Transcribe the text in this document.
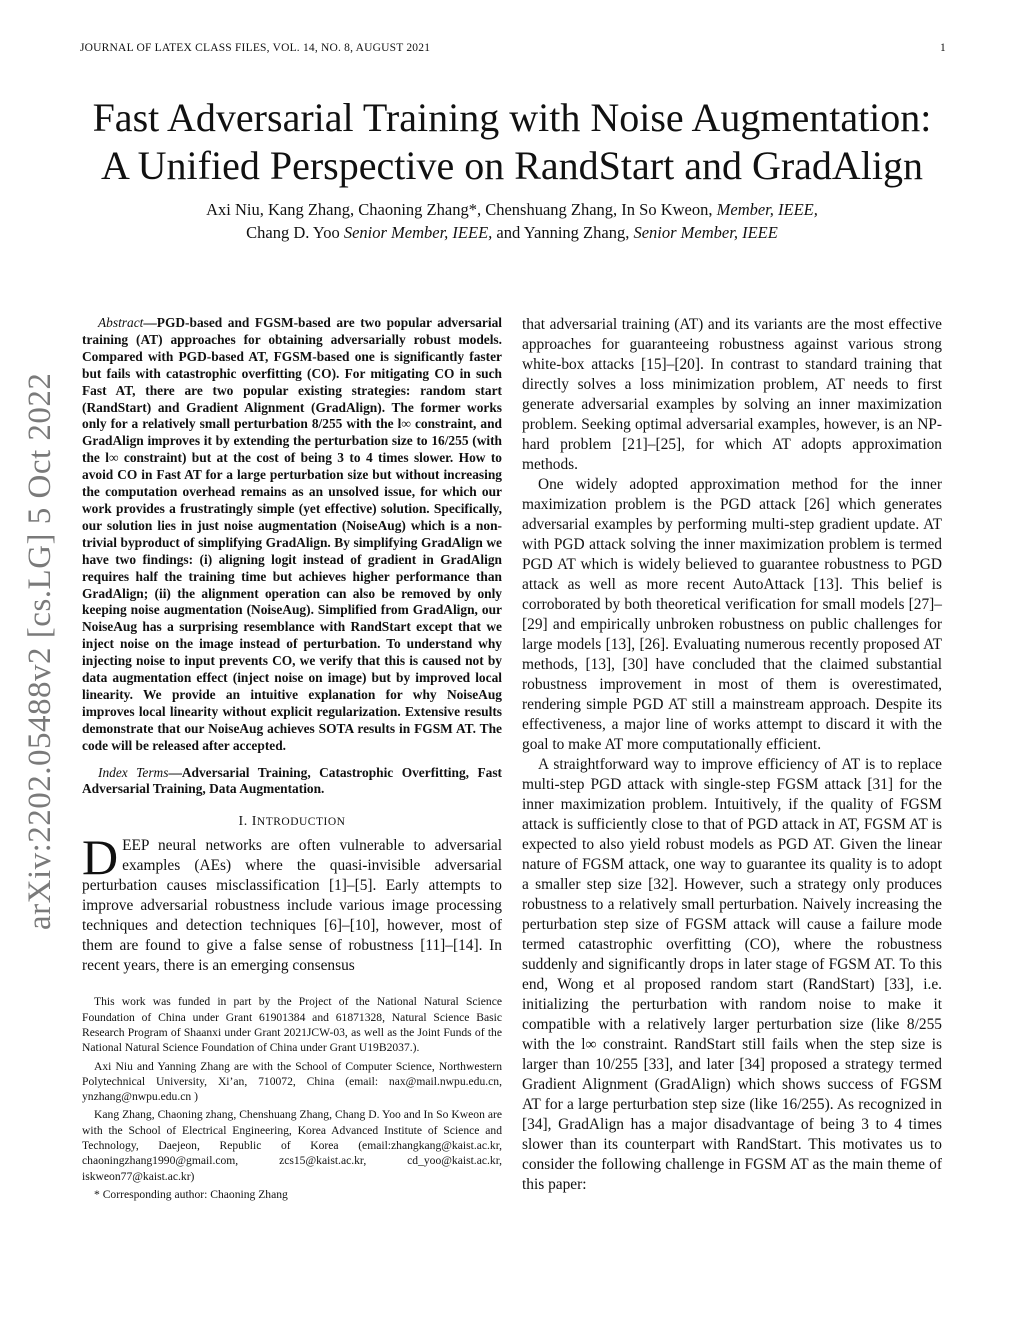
JOURNAL OF LATEX CLASS FILES, VOL. 14, NO. 8, AUGUST 2021	1
arXiv:2202.05488v2 [cs.LG] 5 Oct 2022
Fast Adversarial Training with Noise Augmentation:
A Unified Perspective on RandStart and GradAlign
Axi Niu, Kang Zhang, Chaoning Zhang*, Chenshuang Zhang, In So Kweon, Member, IEEE,
Chang D. Yoo Senior Member, IEEE, and Yanning Zhang, Senior Member, IEEE

Abstract—PGD-based and FGSM-based are two popular adversarial training (AT) approaches for obtaining adversarially robust models. Compared with PGD-based AT, FGSM-based one is significantly faster but fails with catastrophic overfitting (CO). For mitigating CO in such Fast AT, there are two popular existing strategies: random start (RandStart) and Gradient Alignment (GradAlign). The former works only for a relatively small perturbation 8/255 with the l∞ constraint, and GradAlign improves it by extending the perturbation size to 16/255 (with the l∞ constraint) but at the cost of being 3 to 4 times slower. How to avoid CO in Fast AT for a large perturbation size but without increasing the computation overhead remains as an unsolved issue, for which our work provides a frustratingly simple (yet effective) solution. Specifically, our solution lies in just noise augmentation (NoiseAug) which is a non-trivial byproduct of simplifying GradAlign. By simplifying GradAlign we have two findings: (i) aligning logit instead of gradient in GradAlign requires half the training time but achieves higher performance than GradAlign; (ii) the alignment operation can also be removed by only keeping noise augmentation (NoiseAug). Simplified from GradAlign, our NoiseAug has a surprising resemblance with RandStart except that we inject noise on the image instead of perturbation. To understand why injecting noise to input prevents CO, we verify that this is caused not by data augmentation effect (inject noise on image) but by improved local linearity. We provide an intuitive explanation for why NoiseAug improves local linearity without explicit regularization. Extensive results demonstrate that our NoiseAug achieves SOTA results in FGSM AT. The code will be released after accepted.

Index Terms—Adversarial Training, Catastrophic Overfitting, Fast Adversarial Training, Data Augmentation.

I. INTRODUCTION

DEEP neural networks are often vulnerable to adversarial examples (AEs) where the quasi-invisible adversarial perturbation causes misclassification [1]–[5]. Early attempts to improve adversarial robustness include various image processing techniques and detection techniques [6]–[10], however, most of them are found to give a false sense of robustness [11]–[14]. In recent years, there is an emerging consensus

This work was funded in part by the Project of the National Natural Science Foundation of China under Grant 61901384 and 61871328, Natural Science Basic Research Program of Shaanxi under Grant 2021JCW-03, as well as the Joint Funds of the National Natural Science Foundation of China under Grant U19B2037.).

Axi Niu and Yanning Zhang are with the School of Computer Science, Northwestern Polytechnical University, Xi’an, 710072, China (email: nax@mail.nwpu.edu.cn, ynzhang@nwpu.edu.cn )

Kang Zhang, Chaoning zhang, Chenshuang Zhang, Chang D. Yoo and In So Kweon are with the School of Electrical Engineering, Korea Advanced Institute of Science and Technology, Daejeon, Republic of Korea (email:zhangkang@kaist.ac.kr, chaoningzhang1990@gmail.com, zcs15@kaist.ac.kr, cd_yoo@kaist.ac.kr, iskweon77@kaist.ac.kr)

* Corresponding author: Chaoning Zhang

that adversarial training (AT) and its variants are the most effective approaches for guaranteeing robustness against various strong white-box attacks [15]–[20]. In contrast to standard training that directly solves a loss minimization problem, AT needs to first generate adversarial examples by solving an inner maximization problem. Seeking optimal adversarial examples, however, is an NP-hard problem [21]–[25], for which AT adopts approximation methods.

One widely adopted approximation method for the inner maximization problem is the PGD attack [26] which generates adversarial examples by performing multi-step gradient update. AT with PGD attack solving the inner maximization problem is termed PGD AT which is widely believed to guarantee robustness to PGD attack as well as more recent AutoAttack [13]. This belief is corroborated by both theoretical verification for small models [27]–[29] and empirically unbroken robustness on public challenges for large models [13], [26]. Evaluating numerous recently proposed AT methods, [13], [30] have concluded that the claimed substantial robustness improvement in most of them is overestimated, rendering simple PGD AT still a mainstream approach. Despite its effectiveness, a major line of works attempt to discard it with the goal to make AT more computationally efficient.

A straightforward way to improve efficiency of AT is to replace multi-step PGD attack with single-step FGSM attack [31] for the inner maximization problem. Intuitively, if the quality of FGSM attack is sufficiently close to that of PGD attack in AT, FGSM AT is expected to also yield robust models as PGD AT. Given the linear nature of FGSM attack, one way to guarantee its quality is to adopt a smaller step size [32]. However, such a strategy only produces robustness to a relatively small perturbation. Naively increasing the perturbation step size of FGSM attack will cause a failure mode termed catastrophic overfitting (CO), where the robustness suddenly and significantly drops in later stage of FGSM AT. To this end, Wong et al proposed random start (RandStart) [33], i.e. initializing the perturbation with random noise to make it compatible with a relatively larger perturbation size (like 8/255 with the l∞ constraint. RandStart still fails when the step size is larger than 10/255 [33], and later [34] proposed a strategy termed Gradient Alignment (GradAlign) which shows success of FGSM AT for a large perturbation step size (like 16/255). As recognized in [34], GradAlign has a major disadvantage of being 3 to 4 times slower than its counterpart with RandStart. This motivates us to consider the following challenge in FGSM AT as the main theme of this paper:
